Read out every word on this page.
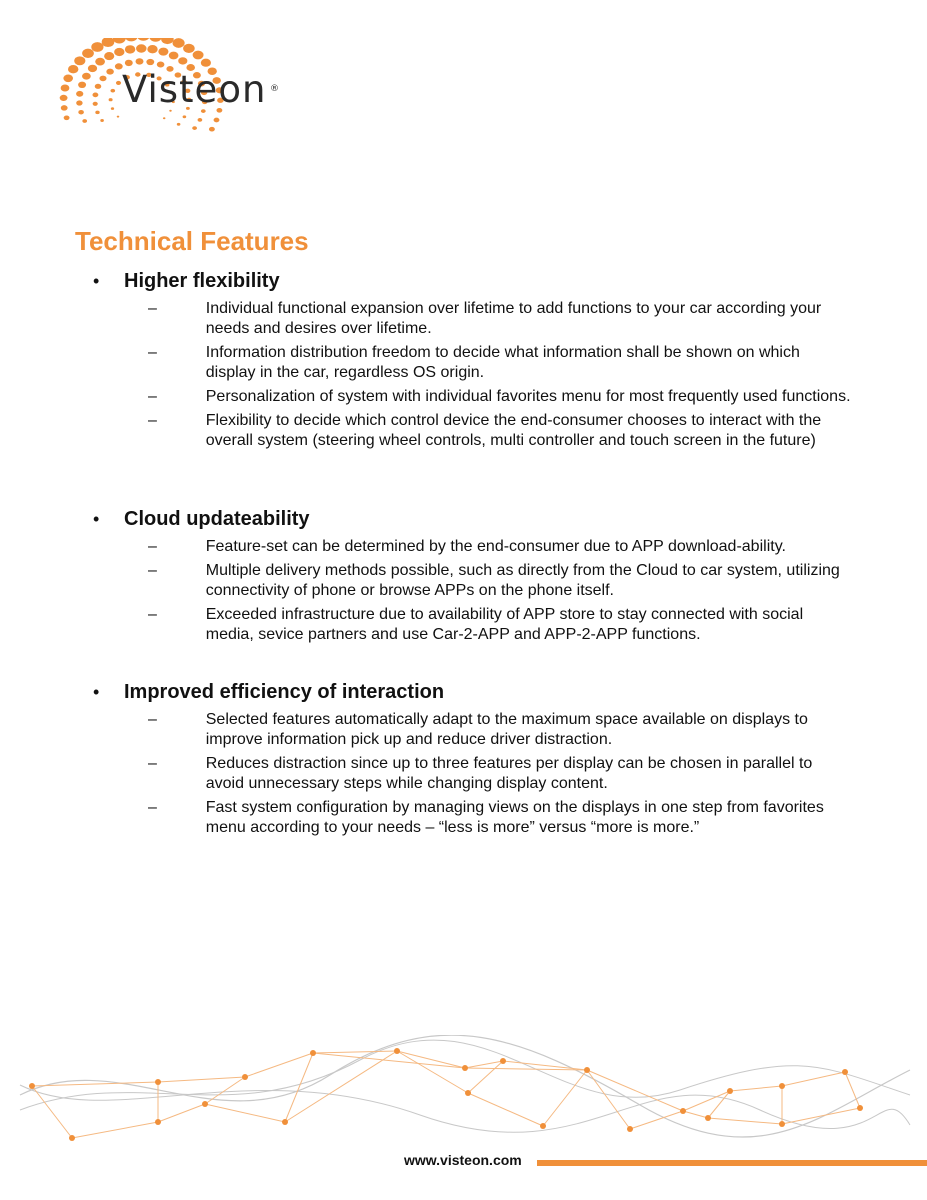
Visteon ®
Technical Features
•	Higher flexibility
–	Individual functional expansion over lifetime to add functions to your car according your needs and desires over lifetime.
–	Information distribution freedom to decide what information shall be shown on which display in the car, regardless OS origin.
–	Personalization of system with individual favorites menu for most frequently used functions.
–	Flexibility to decide which control device the end-consumer chooses to interact with the overall system (steering wheel controls, multi controller and touch screen in the future)
•	Cloud updateability
–	Feature-set can be determined by the end-consumer due to APP download-ability.
–	Multiple delivery methods possible, such as directly from the Cloud to car system, utilizing connectivity of phone or browse APPs on the phone itself.
–	Exceeded infrastructure due to availability of APP store to stay connected with social media, sevice partners and use Car-2-APP and APP-2-APP functions.
•	Improved efficiency of interaction
–	Selected features automatically adapt to the maximum space available on displays to improve information pick up and reduce driver distraction.
–	Reduces distraction since up to three features per display can be chosen in parallel to avoid unnecessary steps while changing display content.
–	Fast system configuration by managing views on the displays in one step from favorites menu according to your needs – “less is more” versus “more is more.”
www.visteon.com
